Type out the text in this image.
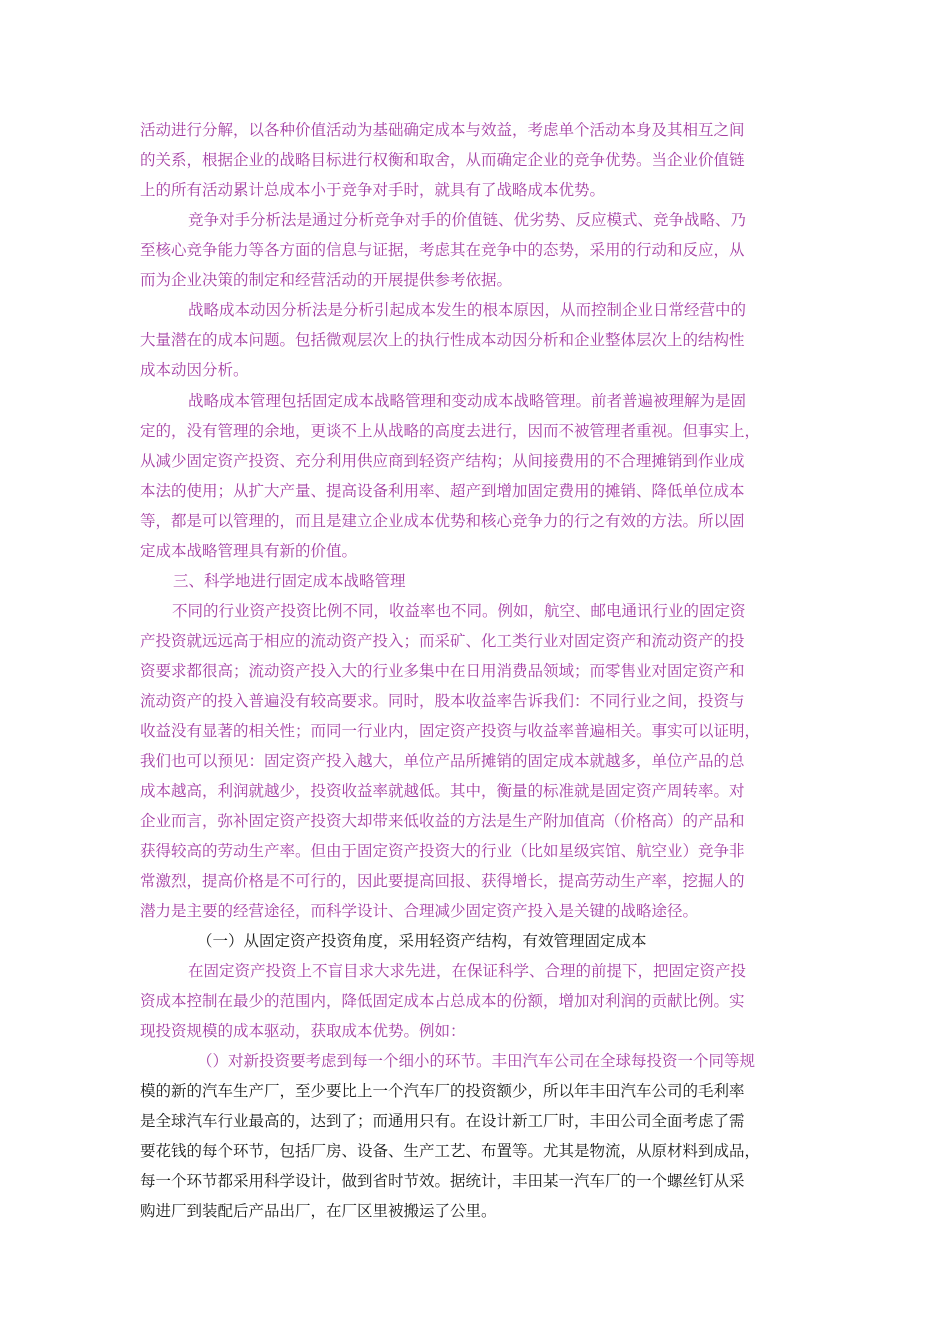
活动进行分解，以各种价值活动为基础确定成本与效益，考虑单个活动本身及其相互之间
的关系，根据企业的战略目标进行权衡和取舍，从而确定企业的竞争优势。当企业价值链
上的所有活动累计总成本小于竞争对手时，就具有了战略成本优势。
竞争对手分析法是通过分析竞争对手的价值链、优劣势、反应模式、竞争战略、乃
至核心竞争能力等各方面的信息与证据，考虑其在竞争中的态势，采用的行动和反应，从
而为企业决策的制定和经营活动的开展提供参考依据。
战略成本动因分析法是分析引起成本发生的根本原因，从而控制企业日常经营中的
大量潜在的成本问题。包括微观层次上的执行性成本动因分析和企业整体层次上的结构性
成本动因分析。
战略成本管理包括固定成本战略管理和变动成本战略管理。前者普遍被理解为是固
定的，没有管理的余地，更谈不上从战略的高度去进行，因而不被管理者重视。但事实上，
从减少固定资产投资、充分利用供应商到轻资产结构；从间接费用的不合理摊销到作业成
本法的使用；从扩大产量、提高设备利用率、超产到增加固定费用的摊销、降低单位成本
等，都是可以管理的，而且是建立企业成本优势和核心竞争力的行之有效的方法。所以固
定成本战略管理具有新的价值。
三、科学地进行固定成本战略管理
不同的行业资产投资比例不同，收益率也不同。例如，航空、邮电通讯行业的固定资
产投资就远远高于相应的流动资产投入；而采矿、化工类行业对固定资产和流动资产的投
资要求都很高；流动资产投入大的行业多集中在日用消费品领域；而零售业对固定资产和
流动资产的投入普遍没有较高要求。同时，股本收益率告诉我们：不同行业之间，投资与
收益没有显著的相关性；而同一行业内，固定资产投资与收益率普遍相关。事实可以证明，
我们也可以预见：固定资产投入越大，单位产品所摊销的固定成本就越多，单位产品的总
成本越高，利润就越少，投资收益率就越低。其中，衡量的标准就是固定资产周转率。对
企业而言，弥补固定资产投资大却带来低收益的方法是生产附加值高（价格高）的产品和
获得较高的劳动生产率。但由于固定资产投资大的行业（比如星级宾馆、航空业）竞争非
常激烈，提高价格是不可行的，因此要提高回报、获得增长，提高劳动生产率，挖掘人的
潜力是主要的经营途径，而科学设计、合理减少固定资产投入是关键的战略途径。
（一）从固定资产投资角度，采用轻资产结构，有效管理固定成本
在固定资产投资上不盲目求大求先进，在保证科学、合理的前提下，把固定资产投
资成本控制在最少的范围内，降低固定成本占总成本的份额，增加对利润的贡献比例。实
现投资规模的成本驱动，获取成本优势。例如：
（）对新投资要考虑到每一个细小的环节。丰田汽车公司在全球每投资一个同等规
模的新的汽车生产厂，至少要比上一个汽车厂的投资额少，所以年丰田汽车公司的毛利率
是全球汽车行业最高的，达到了；而通用只有。在设计新工厂时，丰田公司全面考虑了需
要花钱的每个环节，包括厂房、设备、生产工艺、布置等。尤其是物流，从原材料到成品，
每一个环节都采用科学设计，做到省时节效。据统计，丰田某一汽车厂的一个螺丝钉从采
购进厂到装配后产品出厂，在厂区里被搬运了公里。
